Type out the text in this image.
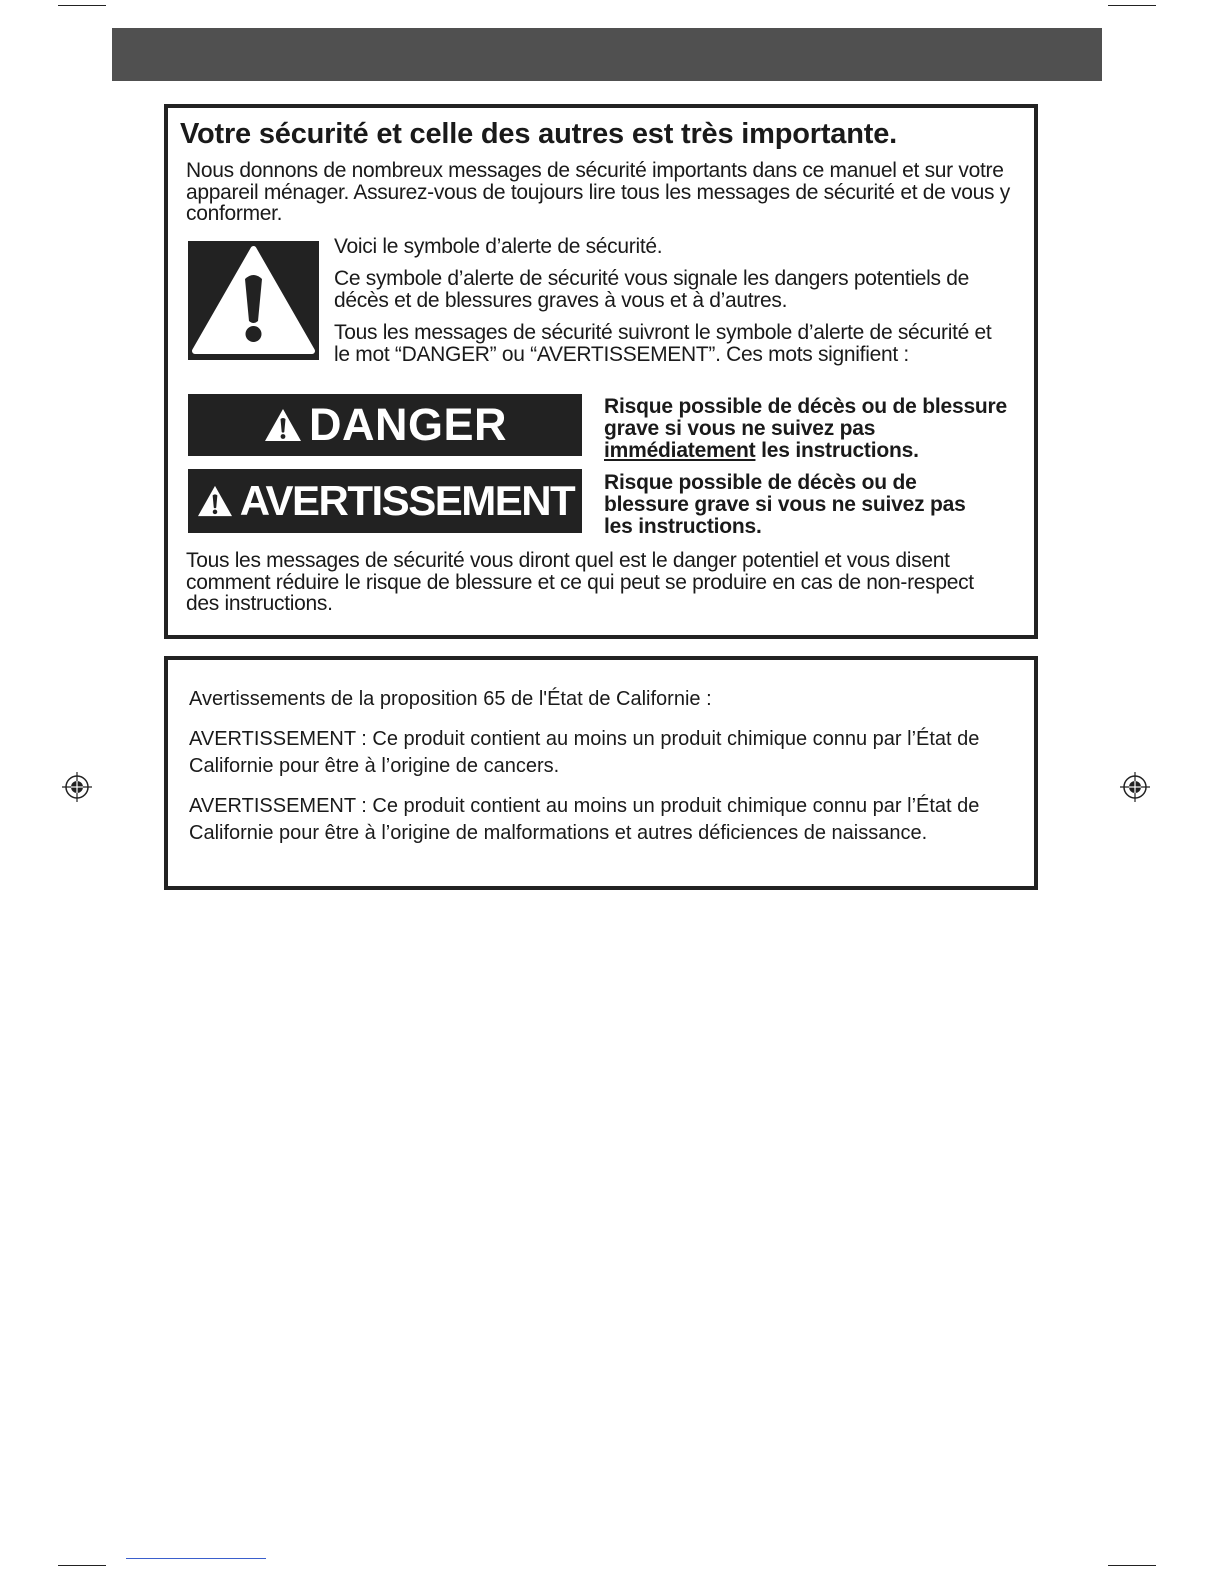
Votre sécurité et celle des autres est très importante.

Nous donnons de nombreux messages de sécurité importants dans ce manuel et sur votre appareil ménager. Assurez-vous de toujours lire tous les messages de sécurité et de vous y conformer.

Voici le symbole d’alerte de sécurité.

Ce symbole d’alerte de sécurité vous signale les dangers potentiels de décès et de blessures graves à vous et à d’autres.

Tous les messages de sécurité suivront le symbole d’alerte de sécurité et le mot “DANGER” ou “AVERTISSEMENT”. Ces mots signifient :

DANGER	Risque possible de décès ou de blessure grave si vous ne suivez pas immédiatement les instructions.

AVERTISSEMENT Risque possible de décès ou de blessure grave si vous ne suivez pas les instructions.

Tous les messages de sécurité vous diront quel est le danger potentiel et vous disent comment réduire le risque de blessure et ce qui peut se produire en cas de non-respect des instructions.

Avertissements de la proposition 65 de l'État de Californie :

AVERTISSEMENT : Ce produit contient au moins un produit chimique connu par l’État de Californie pour être à l’origine de cancers.

AVERTISSEMENT : Ce produit contient au moins un produit chimique connu par l’État de Californie pour être à l’origine de malformations et autres déficiences de naissance.
